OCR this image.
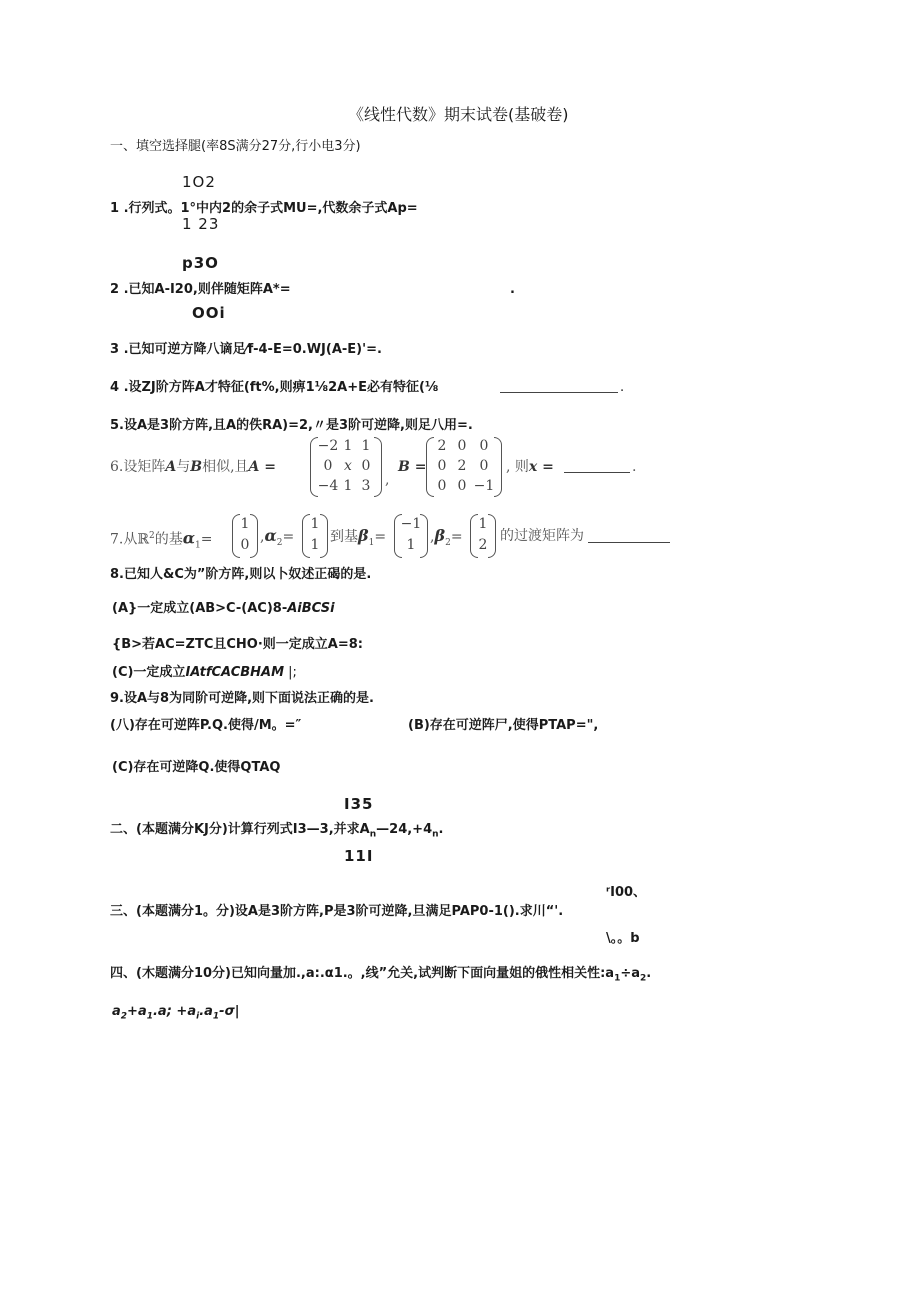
《线性代数》期末试卷(基破卷)
一、填空选择腿(率8S满分27分,行小电3分)
1O2
1 .行列式。1°中内2的余子式MU=,代数余子式Ap=
1 23
p3O
2 .已知A-I20,则伴随矩阵A*=	.
OOi
3 .已知可逆方降八谪足⁄f-4-E=0.WJ(A-E)'=.
4 .设ZJ阶方阵A才特征(ft%,则痹1⅛2A+E必有特征(⅛	.
5.设A是3阶方阵,且A的佚RA)=2,〃是3阶可逆降,则足八用=.
6.设矩阵A与B相似,且A =
−2 1 1
0 x 0
−4 1 3	,
B =
2 0 0
0 2 0
0 0 −1
, 则x =	.
7.从ℝ$^2$的基$\alpha_1=$
1
0 $,\alpha_2=$
1
1 到基$\beta_1=$
−1
1	$,\beta_2=$
1
2
的过渡矩阵为
8.已知人&C为”阶方阵,则以卜奴述正碣的是.
(A}一定成立(AB>C-(AC)8-AiBCSi
{B>若AC=ZTC且CHO·则一定成立A=8:
(C)一定成立IAtfCACBHAM |;
9.设A与8为同阶可逆降,则下面说法正确的是.
(八)存在可逆阵P.Q.使得/M。=″	(B)存在可逆阵尸,使得PTAP=",
(C)存在可逆降Q.使得QTAQ
I35
二、(本题满分KJ分)计算行列式I3—3,并求$A_n—24,+4_n$.
11I
ʳI00、
三、(本题满分1。分)设A是3阶方阵,P是3阶可逆降,旦满足PAP0-1().求川“'.
\。。b
四、(木题满分10分)已知向量加.,a:.α1.。,线”允关,试判断下面向量姐的俄性相关性$:a_1\div a_2$.
$a_2+a_1.a$; $+a_i.a_1-\sigma|$
